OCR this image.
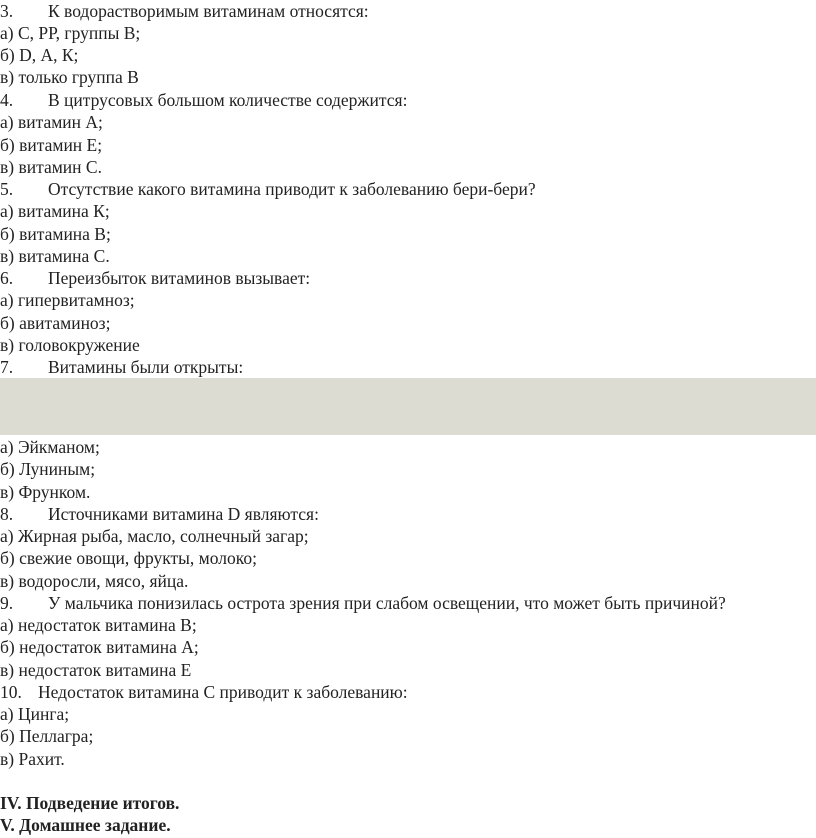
3. К водорастворимым витаминам относятся:
а) С, РР, группы В;
б) D, А, К;
в) только группа В
4. В цитрусовых большом количестве содержится:
а) витамин А;
б) витамин Е;
в) витамин С.
5. Отсутствие какого витамина приводит к заболеванию бери-бери?
а) витамина К;
б) витамина В;
в) витамина С.
6. Переизбыток витаминов вызывает:
а) гипервитамноз;
б) авитаминоз;
в) головокружение
7. Витамины были открыты:
а) Эйкманом;
б) Луниным;
в) Фрунком.
8. Источниками витамина D являются:
а) Жирная рыба, масло, солнечный загар;
б) свежие овощи, фрукты, молоко;
в) водоросли, мясо, яйца.
9. У мальчика понизилась острота зрения при слабом освещении, что может быть причиной?
а) недостаток витамина В;
б) недостаток витамина А;
в) недостаток витамина Е
10. Недостаток витамина С приводит к заболеванию:
а) Цинга;
б) Пеллагра;
в) Рахит.
IV. Подведение итогов.
V. Домашнее задание.
